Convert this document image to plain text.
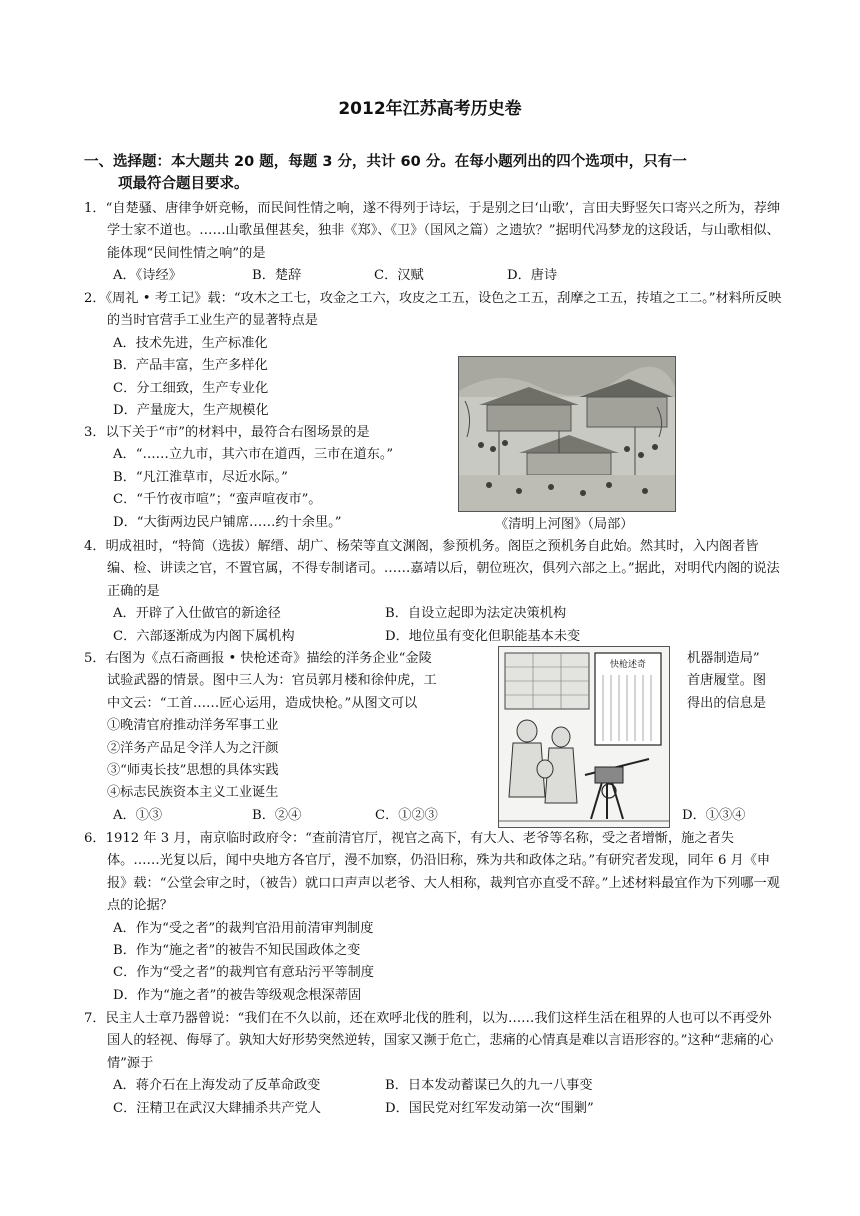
2012年江苏高考历史卷
一、选择题：本大题共 20 题，每题 3 分，共计 60 分。在每小题列出的四个选项中，只有一
项最符合题目要求。
1．“自楚骚、唐律争妍竞畅，而民间性情之响，遂不得列于诗坛，于是别之曰‘山歌’，言田夫野竖矢口寄兴之所为，荐绅学士家不道也。……山歌虽俚甚矣，独非《郑》、《卫》（国风之篇）之遗欤？”据明代冯梦龙的这段话，与山歌相似、能体现“民间性情之响”的是
A．《诗经》	B．楚辞	C．汉赋	D．唐诗
2．《周礼 • 考工记》载：“攻木之工七，攻金之工六，攻皮之工五，设色之工五，刮摩之工五，抟埴之工二。”材料所反映的当时官营手工业生产的显著特点是
A．技术先进，生产标准化
B．产品丰富，生产多样化
C．分工细致，生产专业化
D．产量庞大，生产规模化
3．以下关于“市”的材料中，最符合右图场景的是
A．“……立九市，其六市在道西，三市在道东。”
B．“凡江淮草市，尽近水际。”
C．“千竹夜市喧”；“蛮声喧夜市”。
D．“大街两边民户铺席……约十余里。”	《清明上河图》（局部）
4．明成祖时，“特简（选拔）解缙、胡广、杨荣等直文渊阁，参预机务。阁臣之预机务自此始。然其时，入内阁者皆编、检、讲读之官，不置官属，不得专制诸司。……嘉靖以后，朝位班次，俱列六部之上。”据此，对明代内阁的说法正确的是
A．开辟了入仕做官的新途径	B．自设立起即为法定决策机构
C．六部逐渐成为内阁下属机构	D．地位虽有变化但职能基本未变
5．右图为《点石斋画报 • 快枪述奇》描绘的洋务企业“金陵	机器制造局”
试验武器的情景。图中三人为：官员郭月楼和徐仲虎，工	首唐履堂。图
中文云：“工首……匠心运用，造成快枪。”从图文可以	得出的信息是
①晚清官府推动洋务军事工业
②洋务产品足令洋人为之汗颜
③“师夷长技”思想的具体实践
④标志民族资本主义工业诞生
A．①③	B．②④	C．①②③	D．①③④
快枪述奇
6．1912 年 3 月，南京临时政府令：“查前清官厅，视官之高下，有大人、老爷等名称，受之者增惭，施之者失体。……光复以后，闻中央地方各官厅，漫不加察，仍沿旧称，殊为共和政体之玷。”有研究者发现，同年 6 月《申报》载：“公堂会审之时，（被告）就口口声声以老爷、大人相称，裁判官亦直受不辞。”上述材料最宜作为下列哪一观点的论据？
A．作为“受之者”的裁判官沿用前清审判制度
B．作为“施之者”的被告不知民国政体之变
C．作为“受之者”的裁判官有意玷污平等制度
D．作为“施之者”的被告等级观念根深蒂固
7．民主人士章乃器曾说：“我们在不久以前，还在欢呼北伐的胜利，以为……我们这样生活在租界的人也可以不再受外国人的轻视、侮辱了。孰知大好形势突然逆转，国家又濒于危亡，悲痛的心情真是难以言语形容的。”这种“悲痛的心情”源于
A．蒋介石在上海发动了反革命政变	B．日本发动蓄谋已久的九一八事变
C．汪精卫在武汉大肆捕杀共产党人	D．国民党对红军发动第一次“围剿”
